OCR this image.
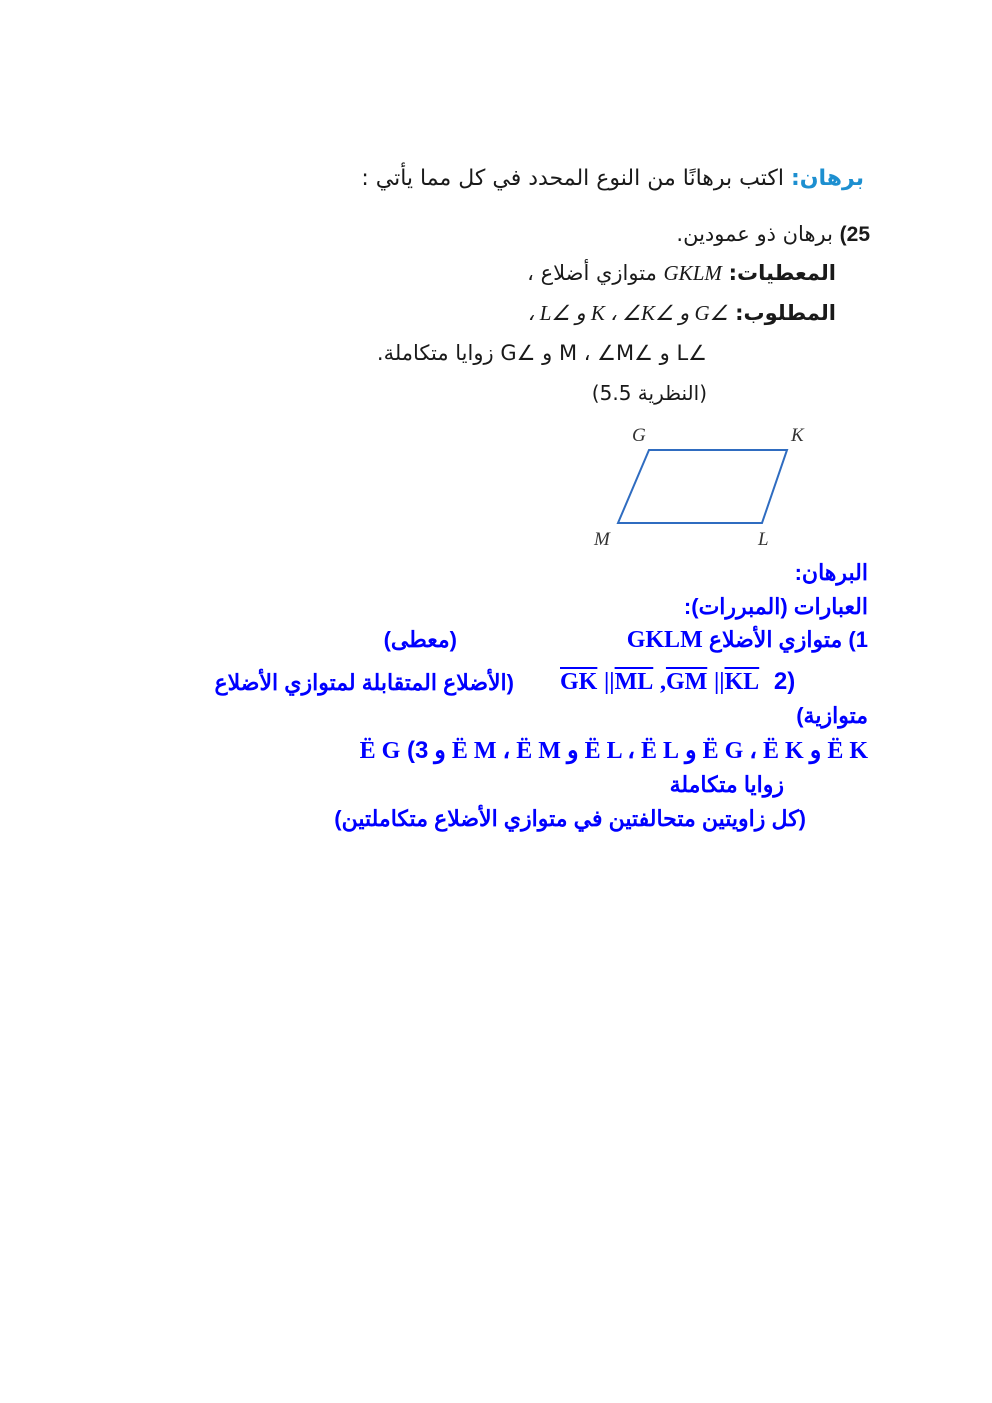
برهان: اكتب برهانًا من النوع المحدد في كل مما يأتي :
25) برهان ذو عمودين.
المعطيات: GKLM متوازي أضلاع ،
المطلوب: ∠G و ∠K ، ∠K و ∠L ،
∠L و ∠M ، ∠M و ∠G زوايا متكاملة.
(النظرية 5.5)
G	K
M	L
البرهان:
العبارات (المبررات):
1) متوازي الأضلاع GKLM
(معطى)
$\overline{GK}$ $||\overline{ML}$ $,\overline{GM}$ $||\overline{KL}$ 2)
(الأضلاع المتقابلة لمتوازي الأضلاع
متوازية)
Ë K و Ë G ، Ë K و Ë L ، Ë L و Ë M ، Ë M و Ë G (3
زوايا متكاملة
(كل زاويتين متحالفتين في متوازي الأضلاع متكاملتين)
